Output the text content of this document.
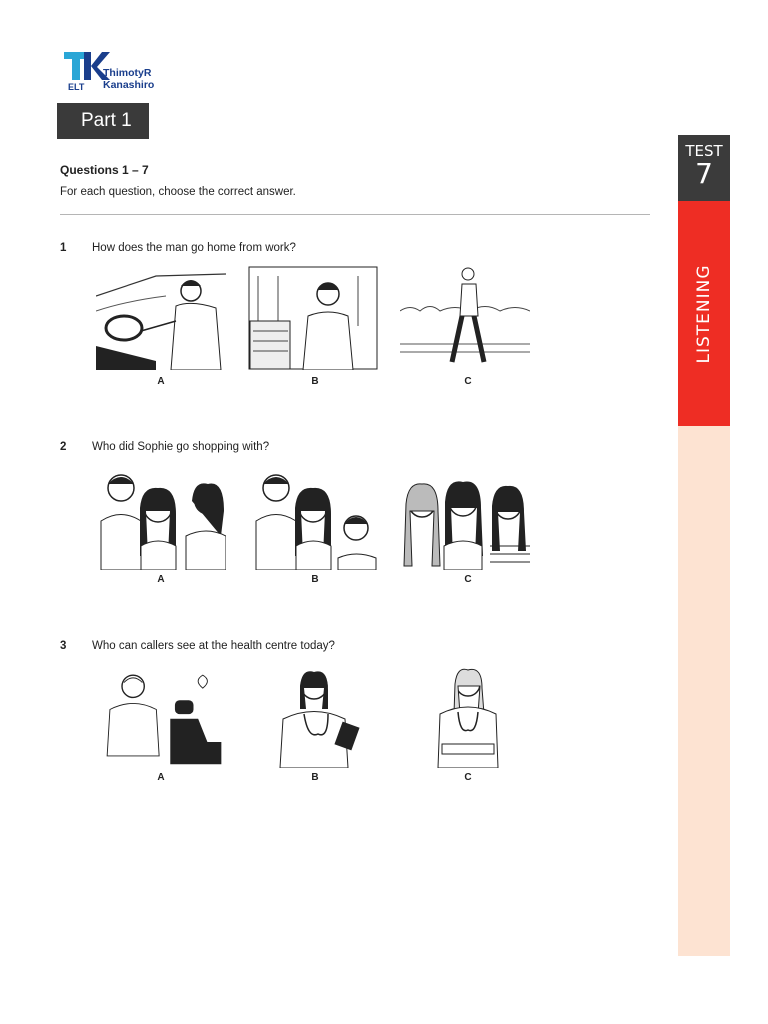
ThimotyR
Kanashiro
ELT
Part 1
Questions 1 – 7
For each question, choose the correct answer.
1 How does the man go home from work?
A	B	C
2 Who did Sophie go shopping with?
A	B	C
3 Who can callers see at the health centre today?
A	B	C
TEST
7
LISTENING
